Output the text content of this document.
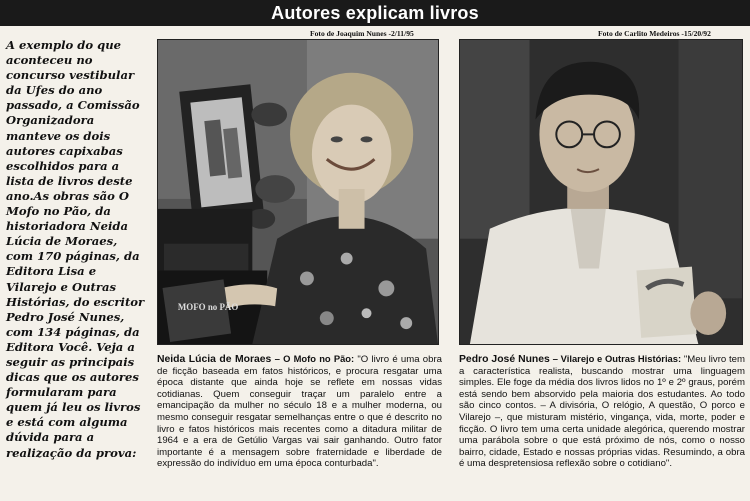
Autores explicam livros
A exemplo do que aconteceu no concurso vestibular da Ufes do ano passado, a Comissão Organizadora manteve os dois autores capixabas escolhidos para a lista de livros deste ano.As obras são O Mofo no Pão, da historiadora Neida Lúcia de Moraes, com 170 páginas, da Editora Lisa e Vilarejo e Outras Histórias, do escritor Pedro José Nunes, com 134 páginas, da Editora Você. Veja a seguir as principais dicas que os autores formularam para quem já leu os livros e está com alguma dúvida para a realização da prova:
Foto de Joaquim Nunes -2/11/95	Foto de Carlito Medeiros -15/20/92
MOFO no PÃO
Neida Lúcia de Moraes – O Mofo no Pão: "O livro é uma obra de ficção baseada em fatos históricos, e procura resgatar uma época distante que ainda hoje se reflete em nossas vidas cotidianas. Quem conseguir traçar um paralelo entre a emancipação da mulher no século 18 e a mulher moderna, ou mesmo conseguir resgatar semelhanças entre o que é descrito no livro e fatos históricos mais recentes como a ditadura militar de 1964 e a era de Getúlio Vargas vai sair ganhando. Outro fator importante é a mensagem sobre fraternidade e liberdade de expressão do indivíduo em uma época conturbada".
Pedro José Nunes – Vilarejo e Outras Histórias: "Meu livro tem a característica realista, buscando mostrar uma linguagem simples. Ele foge da média dos livros lidos no 1º e 2º graus, porém está sendo bem absorvido pela maioria dos estudantes. Ao todo são cinco contos. – A divisória, O relógio, A questão, O porco e Vilarejo –, que misturam mistério, vingança, vida, morte, poder e ficção. O livro tem uma certa unidade alegórica, querendo mostrar uma parábola sobre o que está próximo de nós, como o nosso bairro, cidade, Estado e nossas próprias vidas. Resumindo, a obra é uma despretensiosa reflexão sobre o cotidiano".
